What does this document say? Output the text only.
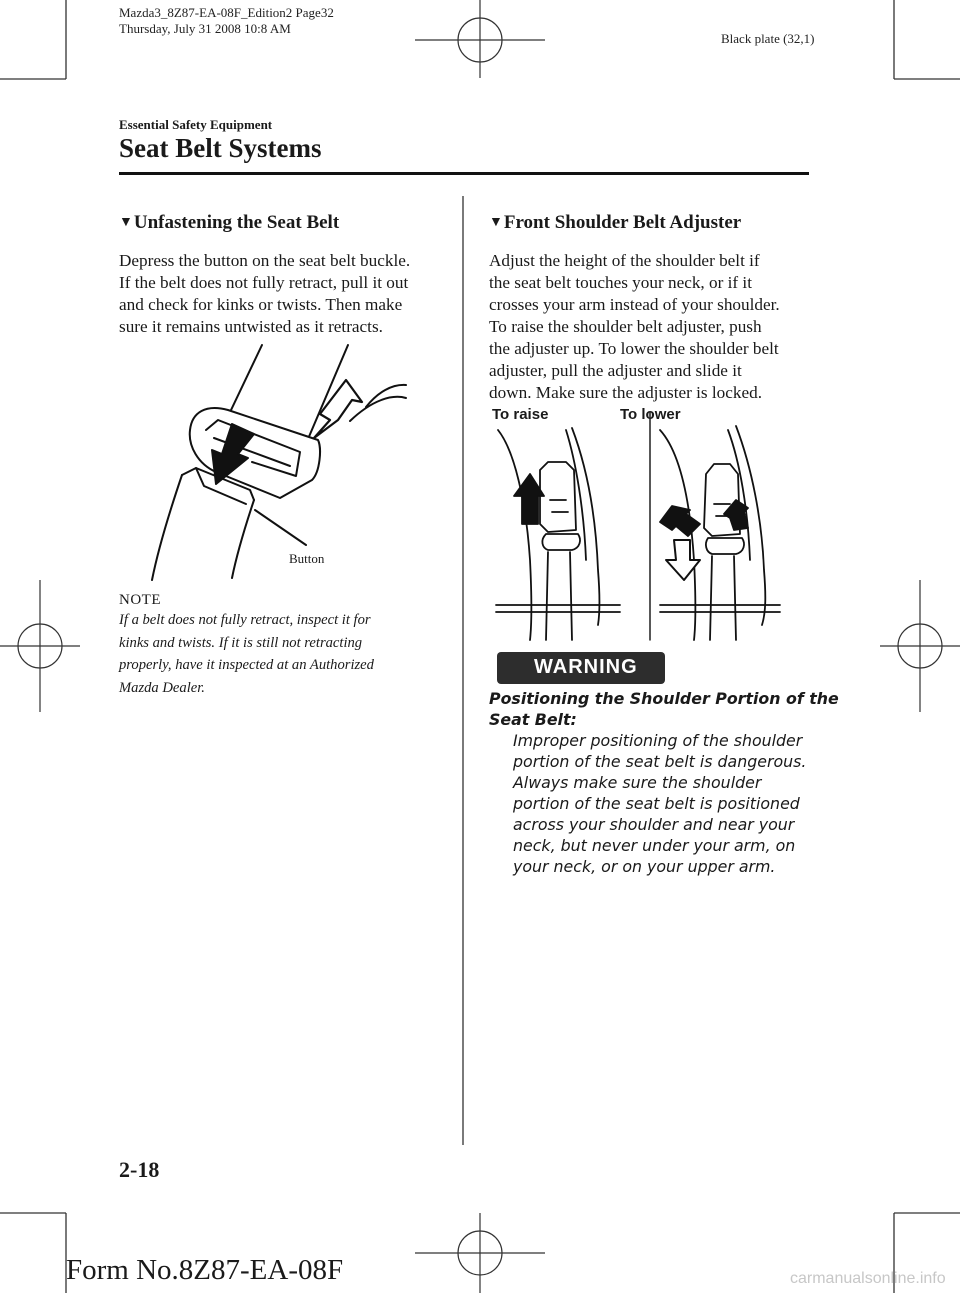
Mazda3_8Z87-EA-08F_Edition2 Page32
Thursday, July 31 2008 10:8 AM
Black plate (32,1)
Essential Safety Equipment
Seat Belt Systems
▼Unfastening the Seat Belt

Depress the button on the seat belt buckle.

If the belt does not fully retract, pull it out

and check for kinks or twists. Then make

sure it remains untwisted as it retracts.

Button
NOTE

If a belt does not fully retract, inspect it for

kinks and twists. If it is still not retracting

properly, have it inspected at an Authorized

Mazda Dealer.

▼Front Shoulder Belt Adjuster

Adjust the height of the shoulder belt if

the seat belt touches your neck, or if it

crosses your arm instead of your shoulder.

To raise the shoulder belt adjuster, push

the adjuster up. To lower the shoulder belt

adjuster, pull the adjuster and slide it

down. Make sure the adjuster is locked.

To raise	To lower
WARNING

Positioning the Shoulder Portion of the

Seat Belt:

Improper positioning of the shoulder

portion of the seat belt is dangerous.

Always make sure the shoulder

portion of the seat belt is positioned

across your shoulder and near your

neck, but never under your arm, on

your neck, or on your upper arm.

2-18
Form No.8Z87-EA-08F	carmanualsonline.info
